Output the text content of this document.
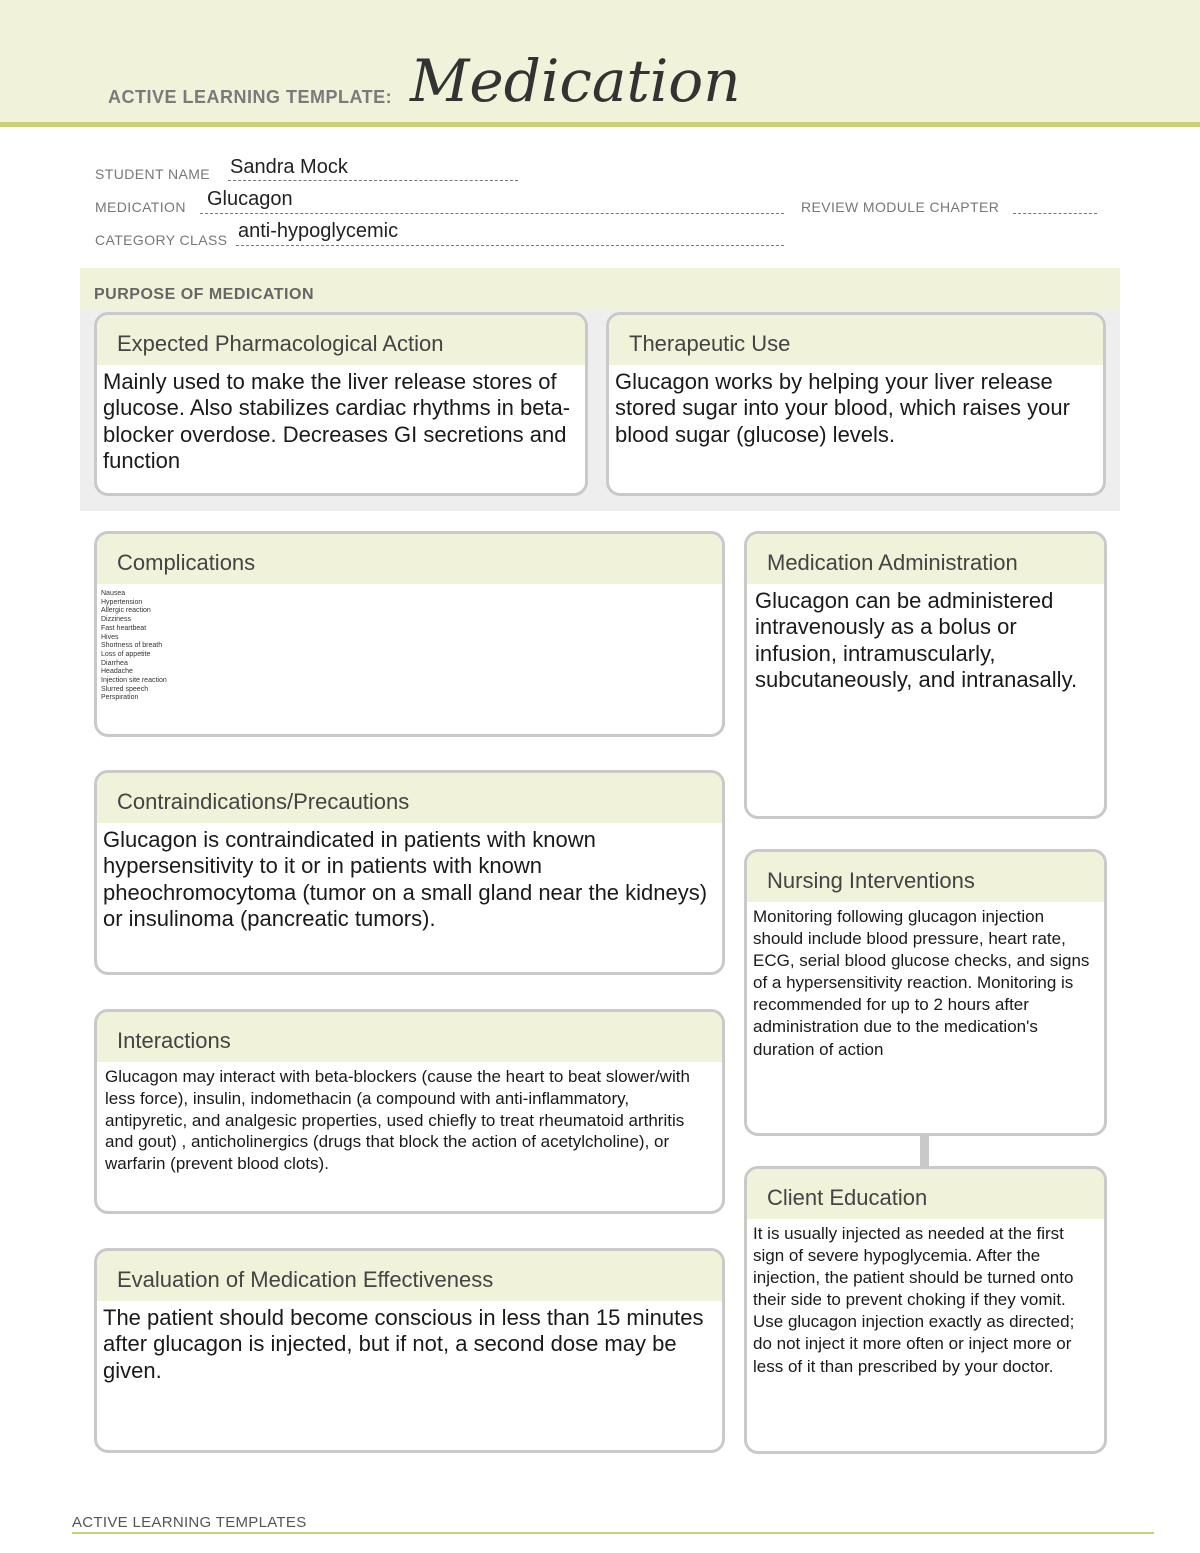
ACTIVE LEARNING TEMPLATE: Medication
STUDENT NAME Sandra Mock
MEDICATION Glucagon	REVIEW MODULE CHAPTER
CATEGORY CLASS anti-hypoglycemic
PURPOSE OF MEDICATION
Expected Pharmacological Action
Mainly used to make the liver release stores of glucose. Also stabilizes cardiac rhythms in beta-blocker overdose. Decreases GI secretions and function
Therapeutic Use
Glucagon works by helping your liver release stored sugar into your blood, which raises your blood sugar (glucose) levels.
Complications
Nausea
Hypertension
Allergic reaction
Dizziness
Fast heartbeat
Hives
Shortness of breath
Loss of appetite
Diarrhea
Headache
Injection site reaction
Slurred speech
Perspiration
Contraindications/Precautions
Glucagon is contraindicated in patients with known hypersensitivity to it or in patients with known pheochromocytoma (tumor on a small gland near the kidneys) or insulinoma (pancreatic tumors).
Interactions
Glucagon may interact with beta-blockers (cause the heart to beat slower/with less force), insulin, indomethacin (a compound with anti-inflammatory, antipyretic, and analgesic properties, used chiefly to treat rheumatoid arthritis and gout) , anticholinergics (drugs that block the action of acetylcholine), or warfarin (prevent blood clots).
Evaluation of Medication Effectiveness
The patient should become conscious in less than 15 minutes after glucagon is injected, but if not, a second dose may be given.
Medication Administration
Glucagon can be administered intravenously as a bolus or infusion, intramuscularly, subcutaneously, and intranasally.
Nursing Interventions
Monitoring following glucagon injection should include blood pressure, heart rate, ECG, serial blood glucose checks, and signs of a hypersensitivity reaction. Monitoring is recommended for up to 2 hours after administration due to the medication's duration of action
Client Education
It is usually injected as needed at the first sign of severe hypoglycemia. After the injection, the patient should be turned onto their side to prevent choking if they vomit. Use glucagon injection exactly as directed; do not inject it more often or inject more or less of it than prescribed by your doctor.
ACTIVE LEARNING TEMPLATES
